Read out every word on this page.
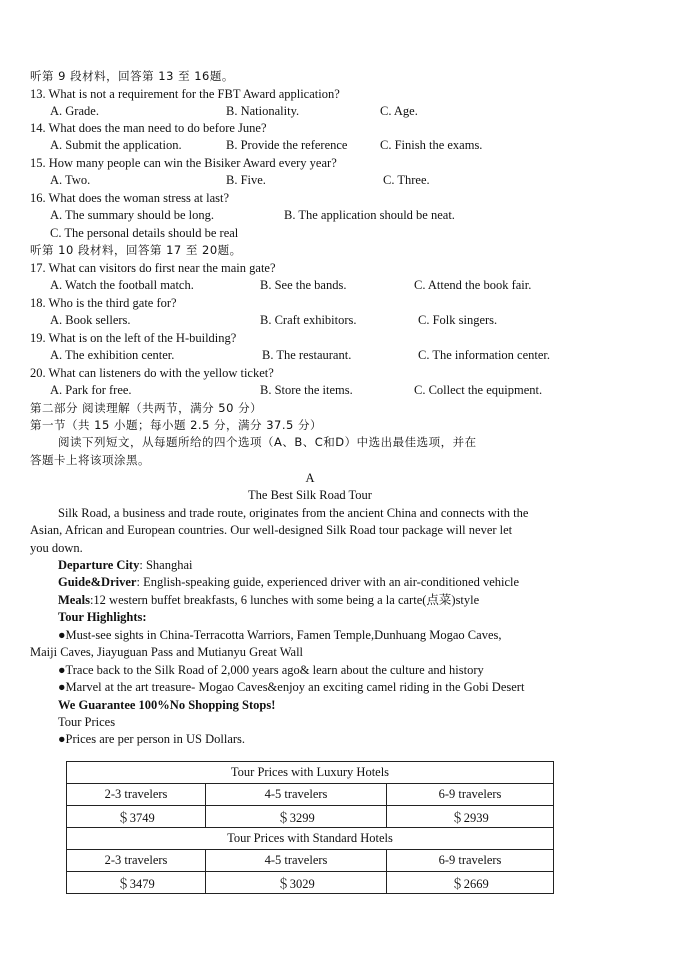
听第 9 段材料，回答第 13 至 16题。
13. What is not a requirement for the FBT Award application?
A. Grade.	B. Nationality.	C. Age.
14. What does the man need to do before June?
A. Submit the application.	B. Provide the reference	C. Finish the exams.
15. How many people can win the Bisiker Award every year?
A. Two.	B. Five.	C. Three.
16. What does the woman stress at last?
A. The summary should be long.	B. The application should be neat.
C. The personal details should be real
听第 10 段材料，回答第 17 至 20题。
17. What can visitors do first near the main gate?
A. Watch the football match.	B. See the bands.	C. Attend the book fair.
18. Who is the third gate for?
A. Book sellers.	B. Craft exhibitors.	C. Folk singers.
19. What is on the left of the H-building?
A. The exhibition center.	B. The restaurant.	C. The information center.
20. What can listeners do with the yellow ticket?
A. Park for free.	B. Store the items.	C. Collect the equipment.
第二部分 阅读理解（共两节，满分 50 分）
第一节（共 15 小题；每小题 2.5 分，满分 37.5 分）
阅读下列短文，从每题所给的四个选项（A、B、C和D）中选出最佳选项，并在
答题卡上将该项涂黑。
A
The Best Silk Road Tour
Silk Road, a business and trade route, originates from the ancient China and connects with the
Asian, African and European countries. Our well-designed Silk Road tour package will never let
you down.
Departure City: Shanghai
Guide&Driver: English-speaking guide, experienced driver with an air-conditioned vehicle
Meals:12 western buffet breakfasts, 6 lunches with some being a la carte(点菜)style
Tour Highlights:
●Must-see sights in China-Terracotta Warriors, Famen Temple,Dunhuang Mogao Caves,
Maiji Caves, Jiayuguan Pass and Mutianyu Great Wall
●Trace back to the Silk Road of 2,000 years ago& learn about the culture and history
●Marvel at the art treasure- Mogao Caves&enjoy an exciting camel riding in the Gobi Desert
We Guarantee 100%No Shopping Stops!
Tour Prices
●Prices are per person in US Dollars.
Tour Prices with Luxury Hotels		
2-3 travelers	4-5 travelers	6-9 travelers
＄3749	＄3299	＄2939
Tour Prices with Standard Hotels		
2-3 travelers	4-5 travelers	6-9 travelers
＄3479	＄3029	＄2669
